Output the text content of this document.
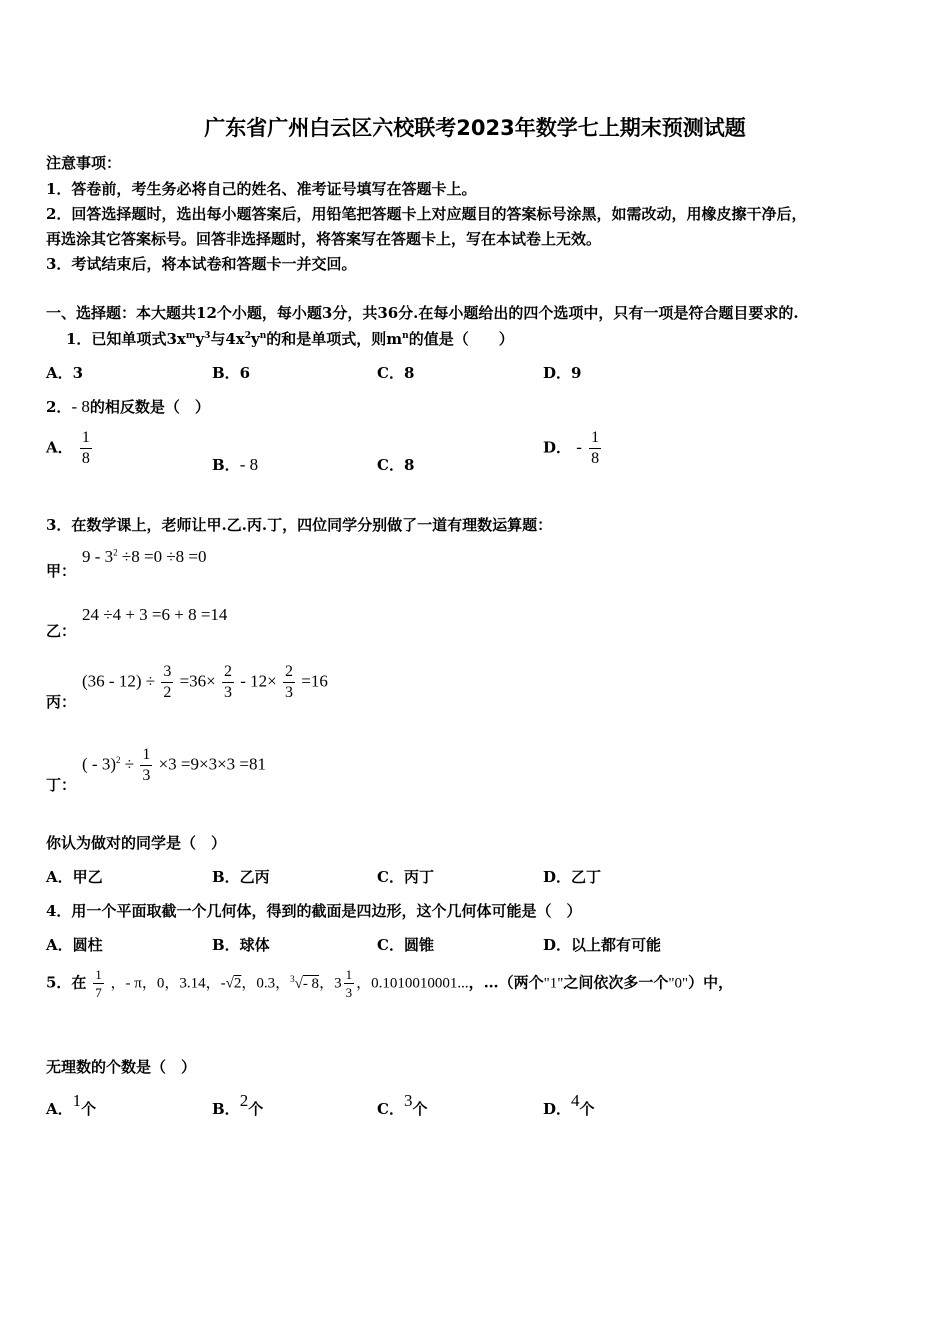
广东省广州白云区六校联考2023年数学七上期末预测试题
注意事项：
1．答卷前，考生务必将自己的姓名、准考证号填写在答题卡上。
2．回答选择题时，选出每小题答案后，用铅笔把答题卡上对应题目的答案标号涂黑，如需改动，用橡皮擦干净后，
再选涂其它答案标号。回答非选择题时，将答案写在答题卡上，写在本试卷上无效。
3．考试结束后，将本试卷和答题卡一并交回。
一、选择题：本大题共12个小题，每小题3分，共36分.在每小题给出的四个选项中，只有一项是符合题目要求的.
1．已知单项式$3x^my^3$与$4x^2y^n$的和是单项式，则$m^n$的值是（　　）
A．3	B．6	C．8	D．9
2．- 8的相反数是（　）
A． $\frac{1}{8}$	B．- 8	C．8
D． - $\frac{1}{8}$
3．在数学课上，老师让甲.乙.丙.丁，四位同学分别做了一道有理数运算题：
甲：
$9 - 3^2 \div 8 =0 \div 8 =0$
乙：
24 ÷4 + 3 =6 + 8 =14
丙：
$(36 - 12) \div \frac{3}{2} =36\times \frac{2}{3} - 12\times \frac{2}{3} =16$
丁：
( - $3)^2 \div \frac{1}{3} \times 3 =9\times 3\times 3 =81$
你认为做对的同学是（　）
A．甲乙	B．乙丙	C．丙丁	D．乙丁
4．用一个平面取截一个几何体，得到的截面是四边形，这个几何体可能是（　）
A．圆柱	B．球体	C．圆锥	D．以上都有可能
5．在 $\frac{1}{7}$ ，- π，0，3.14，-√2，0.3，$^3$√- 8，$3 \frac{1}{3}$ ，0.1010010001...，…（两个"1"之间依次多一个"0"）中，
无理数的个数是（　）
A．1个	B．2个	C．3个	D．4个
